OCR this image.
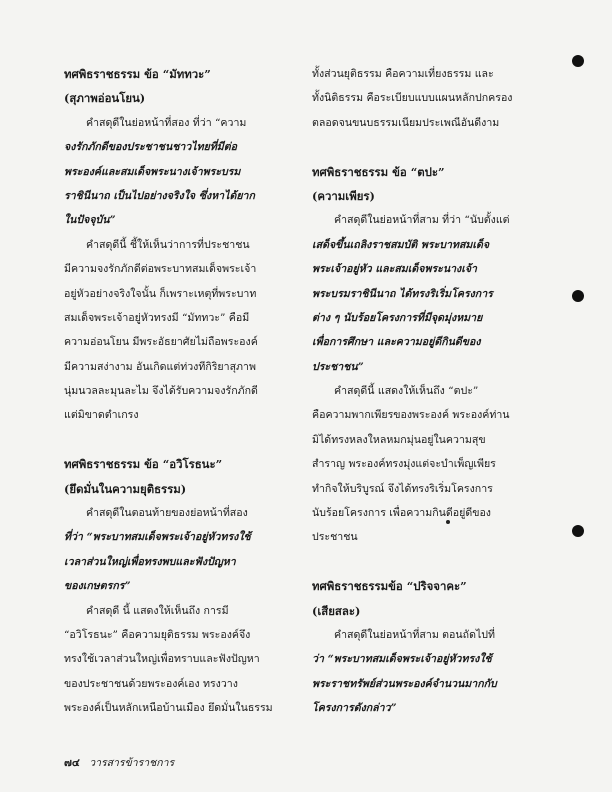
ทศพิธราชธรรม ข้อ “มัททวะ”
(สุภาพอ่อนโยน)
คำสดุดีในย่อหน้าที่สอง ที่ว่า “ความ
จงรักภักดีของประชาชนชาวไทยที่มีต่อ
พระองค์และสมเด็จพระนางเจ้าพระบรม
ราชินีนาถ เป็นไปอย่างจริงใจ ซึ่งหาได้ยาก
ในปัจจุบัน”
คำสดุดีนี้ ชี้ให้เห็นว่าการที่ประชาชน
มีความจงรักภักดีต่อพระบาทสมเด็จพระเจ้า
อยู่หัวอย่างจริงใจนั้น ก็เพราะเหตุที่พระบาท
สมเด็จพระเจ้าอยู่หัวทรงมี “มัททวะ” คือมี
ความอ่อนโยน มีพระอัธยาศัยไม่ถือพระองค์
มีความสง่างาม อันเกิดแต่ท่วงทีกิริยาสุภาพ
นุ่มนวลละมุนละไม จึงได้รับความจงรักภักดี
แต่มิขาดตำเกรง
ทศพิธราชธรรม ข้อ “อวิโรธนะ”
(ยึดมั่นในความยุติธรรม)
คำสดุดีในตอนท้ายของย่อหน้าที่สอง
ที่ว่า “พระบาทสมเด็จพระเจ้าอยู่หัวทรงใช้
เวลาส่วนใหญ่เพื่อทรงพบและฟังปัญหา
ของเกษตรกร”
คำสดุดี นี้ แสดงให้เห็นถึง การมี
“อวิโรธนะ” คือความยุติธรรม พระองค์จึง
ทรงใช้เวลาส่วนใหญ่เพื่อทราบและฟังปัญหา
ของประชาชนด้วยพระองค์เอง ทรงวาง
พระองค์เป็นหลักเหนือบ้านเมือง ยึดมั่นในธรรม
ทั้งส่วนยุติธรรม คือความเที่ยงธรรม และ
ทั้งนิติธรรม คือระเบียบแบบแผนหลักปกครอง
ตลอดจนขนบธรรมเนียมประเพณีอันดีงาม
ทศพิธราชธรรม ข้อ “ตปะ”
(ความเพียร)
คำสดุดีในย่อหน้าที่สาม ที่ว่า “นับตั้งแต่
เสด็จขึ้นเถลิงราชสมบัติ พระบาทสมเด็จ
พระเจ้าอยู่หัว และสมเด็จพระนางเจ้า
พระบรมราชินีนาถ ได้ทรงริเริ่มโครงการ
ต่าง ๆ นับร้อยโครงการที่มีจุดมุ่งหมาย
เพื่อการศึกษา และความอยู่ดีกินดีของ
ประชาชน”
คำสดุดีนี้ แสดงให้เห็นถึง “ตปะ”
คือความพากเพียรของพระองค์ พระองค์ท่าน
มิได้ทรงหลงใหลหมกมุ่นอยู่ในความสุข
สำราญ พระองค์ทรงมุ่งแต่จะบำเพ็ญเพียร
ทำกิจให้บริบูรณ์ จึงได้ทรงริเริ่มโครงการ
นับร้อยโครงการ เพื่อความกินดีอยู่ดีของ
ประชาชน
ทศพิธราชธรรมข้อ “ปริจจาคะ”
(เสียสละ)
คำสดุดีในย่อหน้าที่สาม ตอนถัดไปที่
ว่า “พระบาทสมเด็จพระเจ้าอยู่หัวทรงใช้
พระราชทรัพย์ส่วนพระองค์จำนวนมากกับ
โครงการดังกล่าว”
๗๔ วารสารข้าราชการ
